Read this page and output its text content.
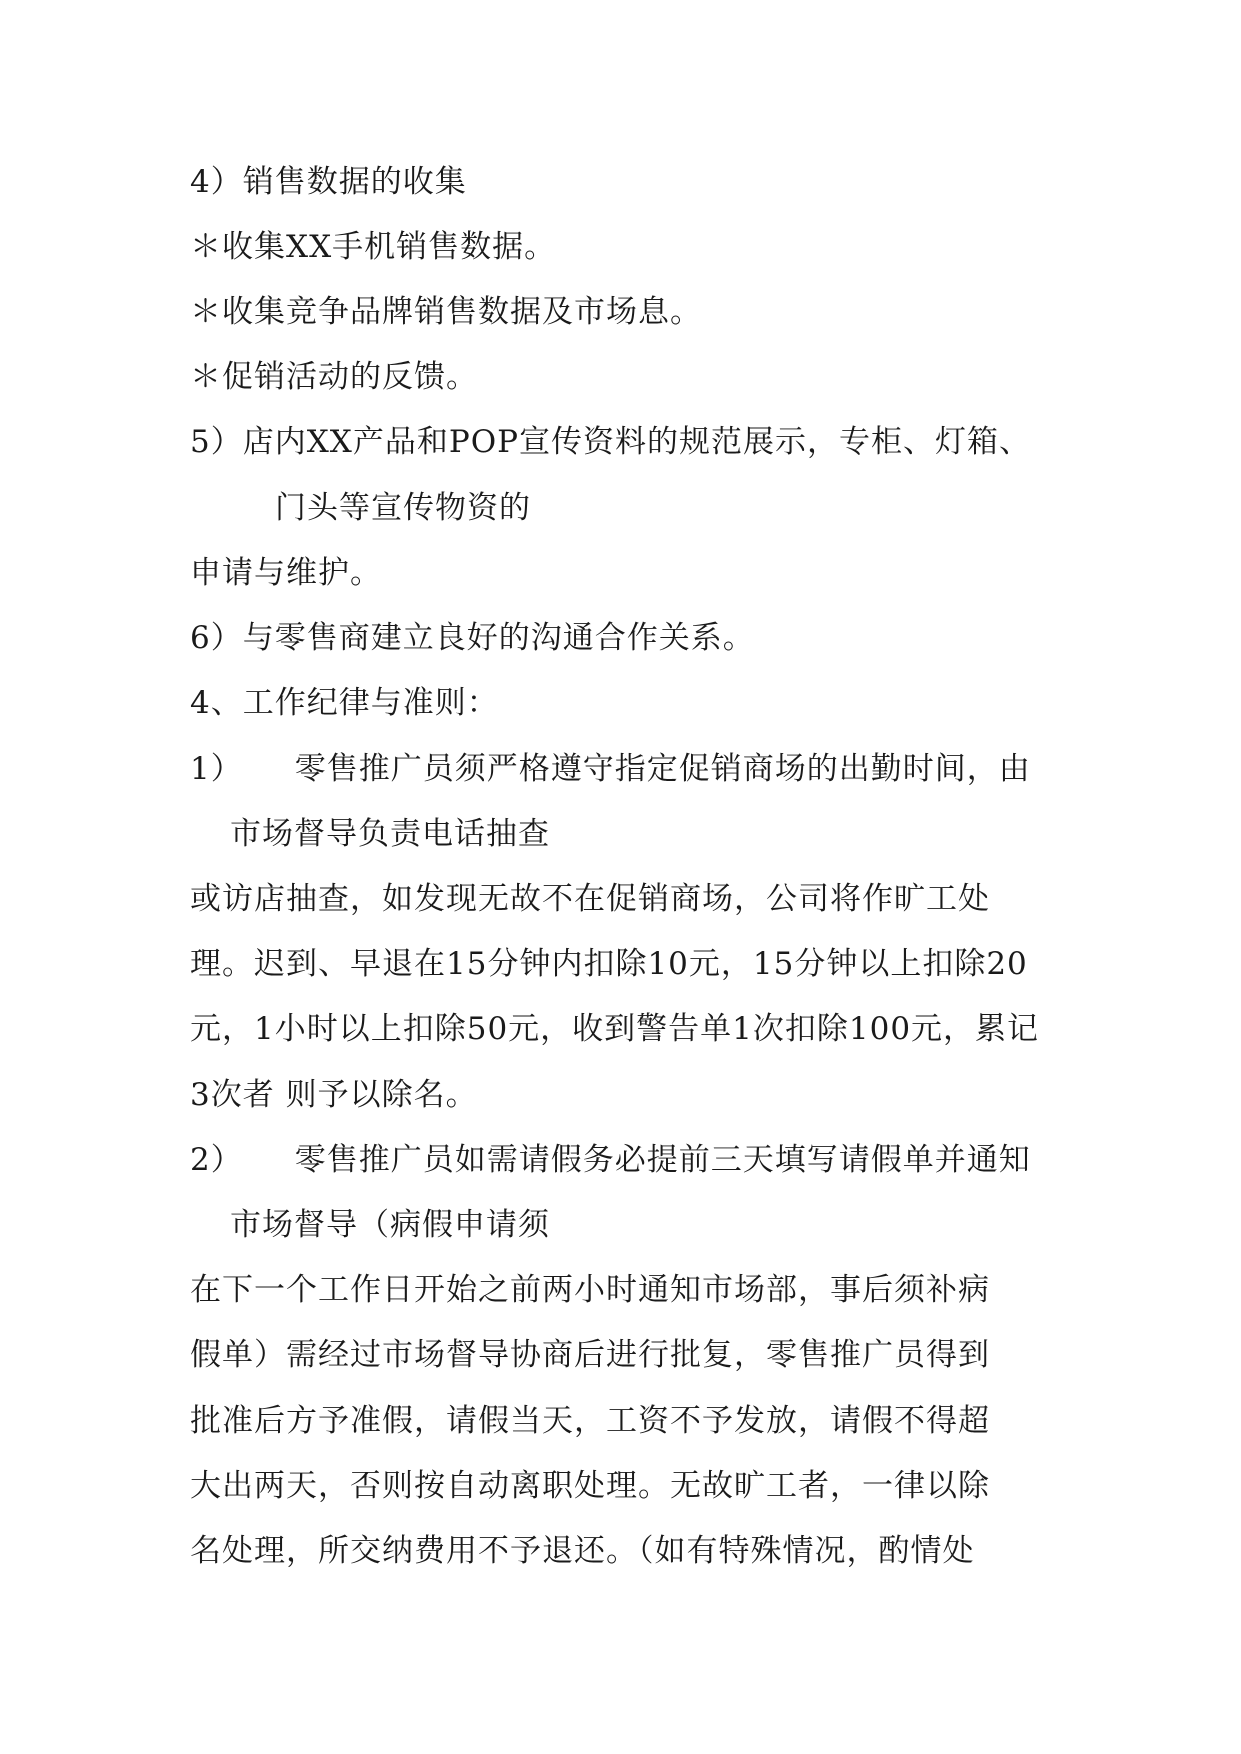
4）销售数据的收集
＊收集XX手机销售数据。
＊收集竞争品牌销售数据及市场息。
＊促销活动的反馈。
5）店内XX产品和POP宣传资料的规范展示，专柜、灯箱、
门头等宣传物资的
申请与维护。
6）与零售商建立良好的沟通合作关系。
4、工作纪律与准则：
1） 零售推广员须严格遵守指定促销商场的出勤时间，由
市场督导负责电话抽查
或访店抽查，如发现无故不在促销商场，公司将作旷工处
理。迟到、早退在15分钟内扣除10元，15分钟以上扣除20
元，1小时以上扣除50元，收到警告单1次扣除100元，累记
3次者 则予以除名。
2） 零售推广员如需请假务必提前三天填写请假单并通知
市场督导（病假申请须
在下一个工作日开始之前两小时通知市场部，事后须补病
假单）需经过市场督导协商后进行批复，零售推广员得到
批准后方予准假，请假当天，工资不予发放，请假不得超
大出两天，否则按自动离职处理。无故旷工者，一律以除
名处理，所交纳费用不予退还。（如有特殊情况，酌情处
